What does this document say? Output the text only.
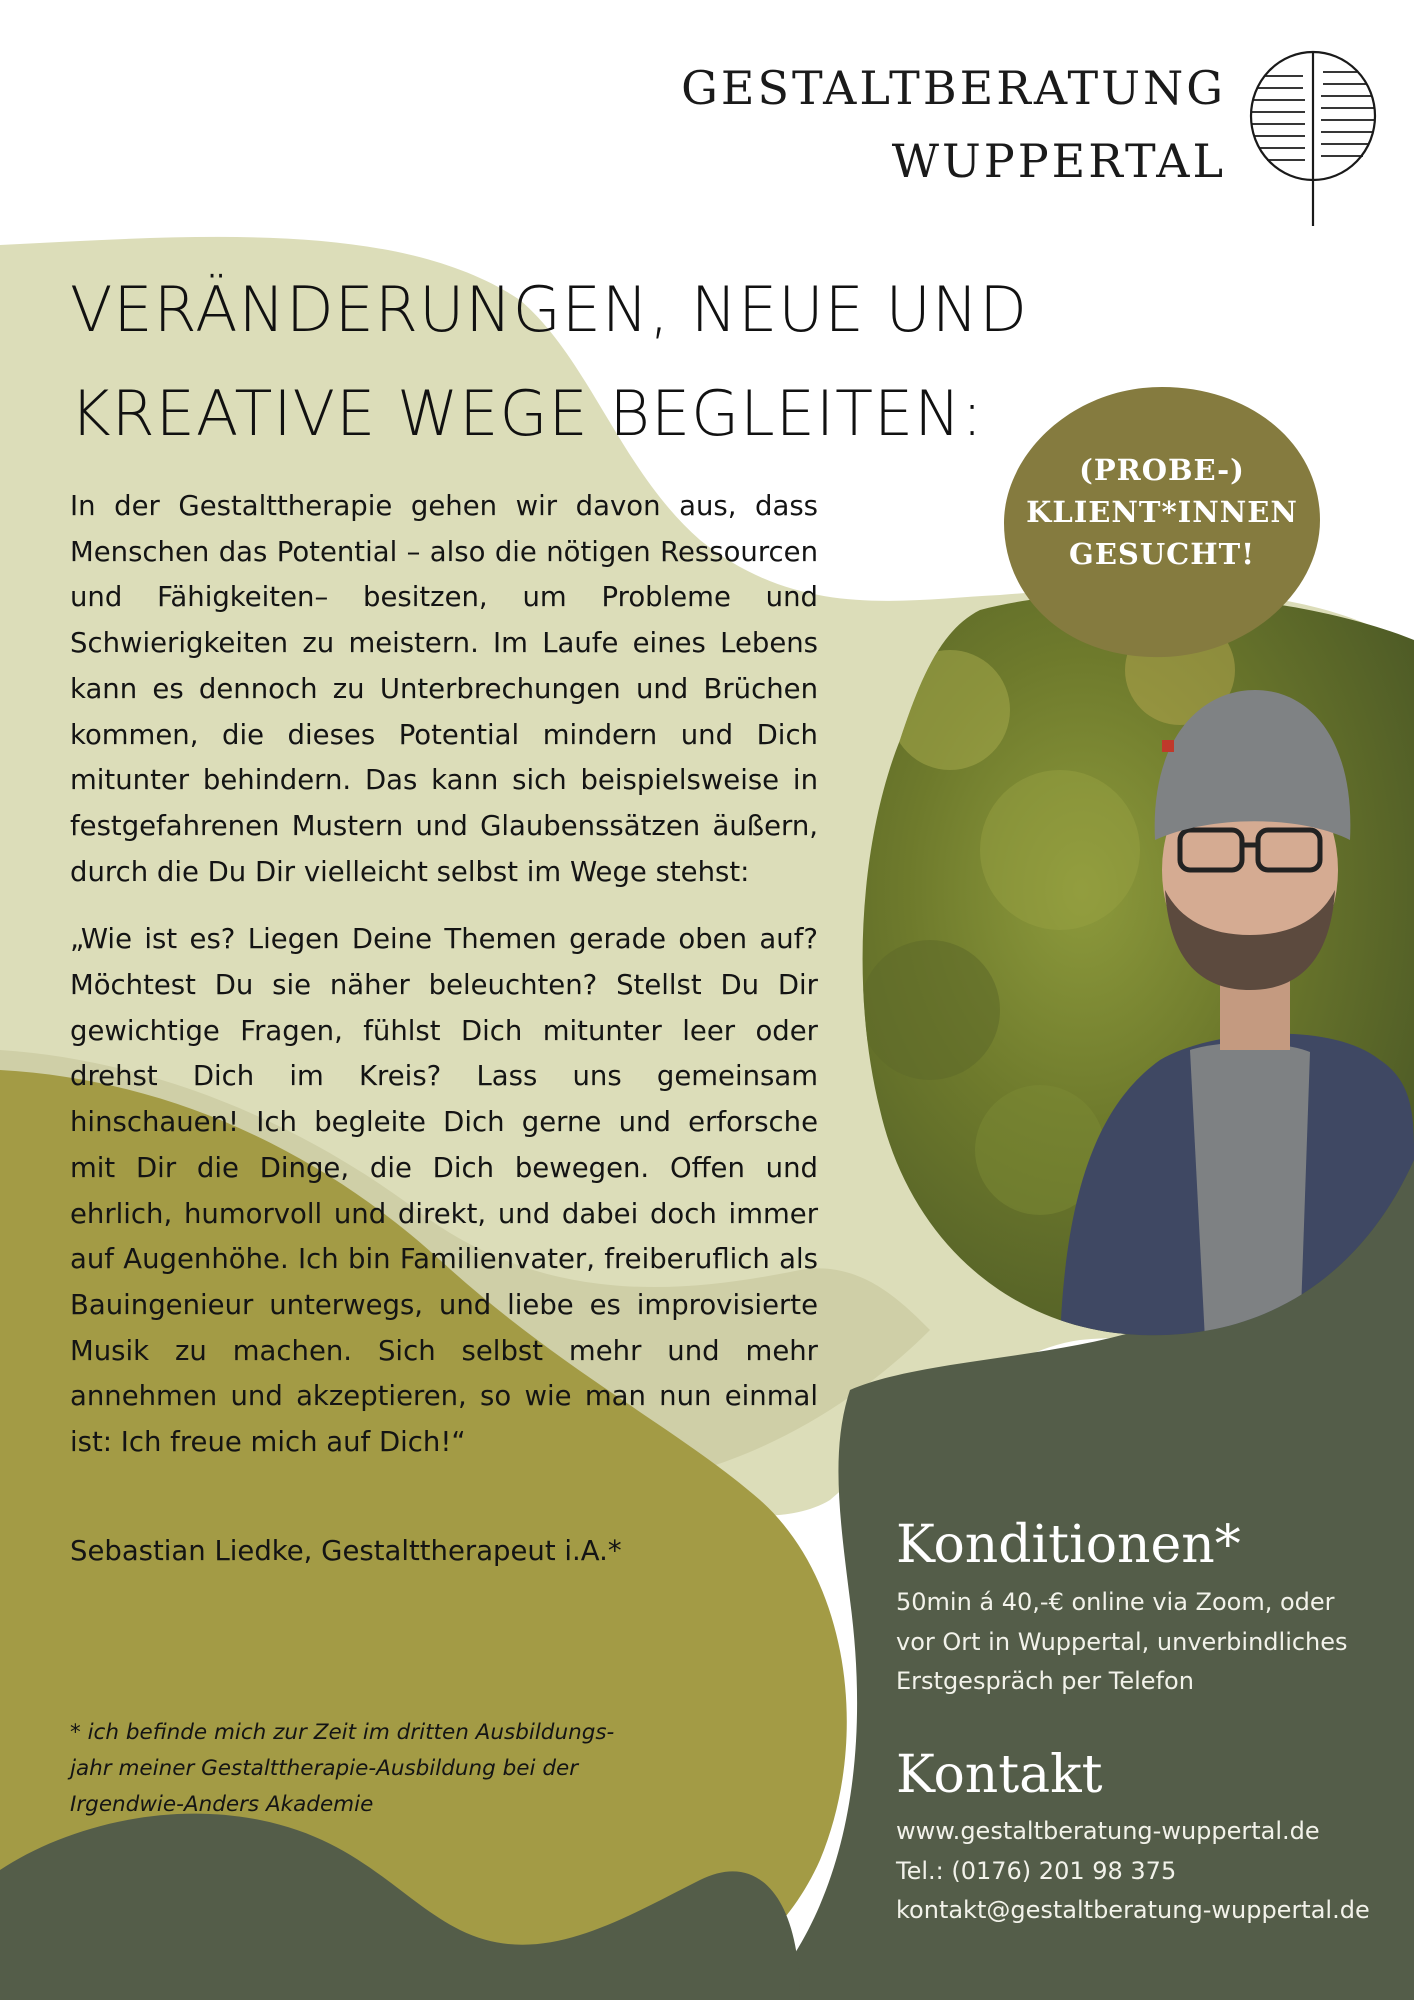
GESTALTBERATUNG
WUPPERTAL
VERÄNDERUNGEN, NEUE UND
KREATIVE WEGE BEGLEITEN:
(PROBE-)
KLIENT*INNEN
GESUCHT!

In der Gestalttherapie gehen wir davon aus, dass Menschen das Potential – also die nötigen Ressourcen und Fähigkeiten– besitzen, um Probleme und Schwierigkeiten zu meistern. Im Laufe eines Lebens kann es dennoch zu Unterbrechungen und Brüchen kommen, die dieses Potential mindern und Dich mitunter behindern. Das kann sich beispielsweise in festgefahrenen Mustern und Glaubenssätzen äußern, durch die Du Dir vielleicht selbst im Wege stehst:

„Wie ist es? Liegen Deine Themen gerade oben auf? Möchtest Du sie näher beleuchten? Stellst Du Dir gewichtige Fragen, fühlst Dich mitunter leer oder drehst Dich im Kreis? Lass uns gemeinsam hinschauen! Ich begleite Dich gerne und erforsche mit Dir die Dinge, die Dich bewegen. Offen und ehrlich, humorvoll und direkt, und dabei doch immer auf Augenhöhe. Ich bin Familienvater, freiberuflich als Bauingenieur unterwegs, und liebe es improvisierte Musik zu machen. Sich selbst mehr und mehr annehmen und akzeptieren, so wie man nun einmal ist: Ich freue mich auf Dich!“

Sebastian Liedke, Gestalttherapeut i.A.*
* ich befinde mich zur Zeit im dritten Ausbildungs-
jahr meiner Gestalttherapie-Ausbildung bei der
Irgendwie-Anders Akademie
Konditionen*
50min á 40,-€ online via Zoom, oder
vor Ort in Wuppertal, unverbindliches
Erstgespräch per Telefon
Kontakt
www.gestaltberatung-wuppertal.de
Tel.: (0176) 201 98 375
kontakt@gestaltberatung-wuppertal.de
